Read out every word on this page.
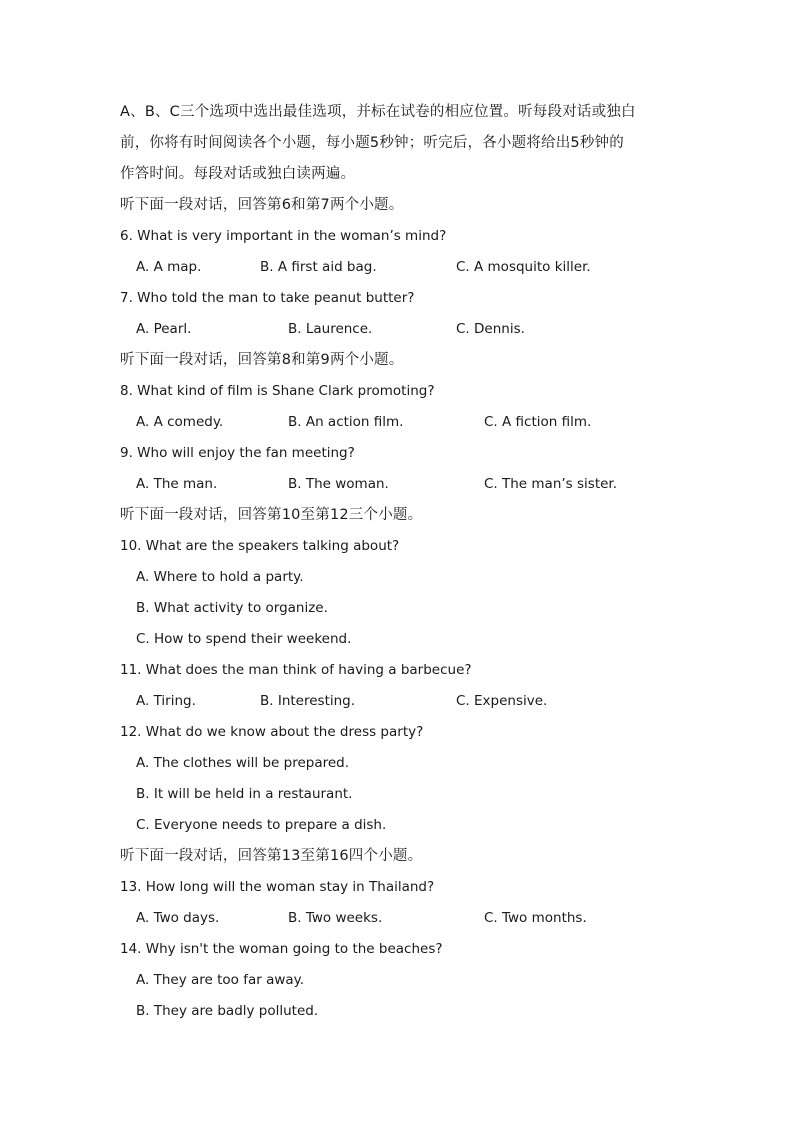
A、B、C三个选项中选出最佳选项，并标在试卷的相应位置。听每段对话或独白
前，你将有时间阅读各个小题，每小题5秒钟；听完后，各小题将给出5秒钟的
作答时间。每段对话或独白读两遍。
听下面一段对话，回答第6和第7两个小题。
6. What is very important in the woman’s mind?
A. A map.	B. A first aid bag.	C. A mosquito killer.
7. Who told the man to take peanut butter?
A. Pearl.	B. Laurence.	C. Dennis.
听下面一段对话，回答第8和第9两个小题。
8. What kind of film is Shane Clark promoting?
A. A comedy.	B. An action film.	C. A fiction film.
9. Who will enjoy the fan meeting?
A. The man.	B. The woman.	C. The man’s sister.
听下面一段对话，回答第10至第12三个小题。
10. What are the speakers talking about?
A. Where to hold a party.
B. What activity to organize.
C. How to spend their weekend.
11. What does the man think of having a barbecue?
A. Tiring.	B. Interesting.	C. Expensive.
12. What do we know about the dress party?
A. The clothes will be prepared.
B. It will be held in a restaurant.
C. Everyone needs to prepare a dish.
听下面一段对话，回答第13至第16四个小题。
13. How long will the woman stay in Thailand?
A. Two days.	B. Two weeks.	C. Two months.
14. Why isn't the woman going to the beaches?
A. They are too far away.
B. They are badly polluted.
